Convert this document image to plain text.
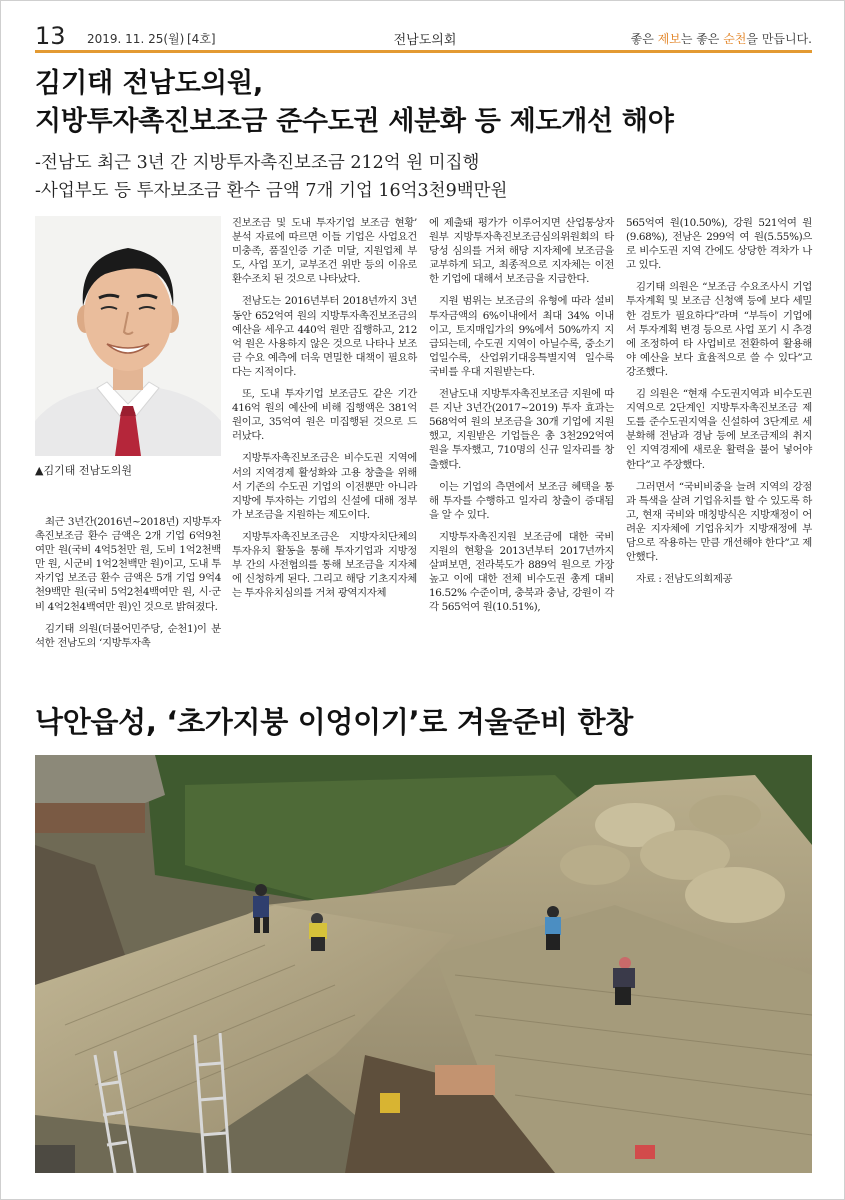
13 2019. 11. 25(월) [4호]	전남도의회	좋은 제보는 좋은 순천을 만듭니다.
김기태 전남도의원,
지방투자촉진보조금 준수도권 세분화 등 제도개선 해야
-전남도 최근 3년 간 지방투자촉진보조금 212억 원 미집행
-사업부도 등 투자보조금 환수 금액 7개 기업 16억3천9백만원
▲김기태 전남도의원

최근 3년간(2016년~2018년) 지방투자촉진보조금 환수 금액은 2개 기업 6억9천여만 원(국비 4억5천만 원, 도비 1억2천백만 원, 시군비 1억2천백만 원)이고, 도내 투자기업 보조금 환수 금액은 5개 기업 9억4천9백만 원(국비 5억2천4백여만 원, 시·군비 4억2천4백여만 원)인 것으로 밝혀졌다.

김기태 의원(더불어민주당, 순천1)이 분석한 전남도의 ‘지방투자촉

진보조금 및 도내 투자기업 보조금 현황’ 분석 자료에 따르면 이들 기업은 사업요건 미충족, 품질인증 기준 미달, 지원업체 부도, 사업 포기, 교부조건 위반 등의 이유로 환수조치 된 것으로 나타났다.

전남도는 2016년부터 2018년까지 3년 동안 652억여 원의 지방투자촉진보조금의 예산을 세우고 440억 원만 집행하고, 212억 원은 사용하지 않은 것으로 나타나 보조금 수요 예측에 더욱 면밀한 대책이 필요하다는 지적이다.

또, 도내 투자기업 보조금도 같은 기간 416억 원의 예산에 비해 집행액은 381억 원이고, 35억여 원은 미집행된 것으로 드러났다.

지방투자촉진보조금은 비수도권 지역에서의 지역경제 활성화와 고용 창출을 위해서 기존의 수도권 기업의 이전뿐만 아니라 지방에 투자하는 기업의 신설에 대해 정부가 보조금을 지원하는 제도이다.

지방투자촉진보조금은 지방자치단체의 투자유치 활동을 통해 투자기업과 지방정부 간의 사전협의를 통해 보조금을 지자체에 신청하게 된다. 그리고 해당 기초지자체는 투자유치심의를 거쳐 광역지자체

에 제출돼 평가가 이루어지면 산업통상자원부 지방투자촉진보조금심의위원회의 타당성 심의를 거쳐 해당 지자체에 보조금을 교부하게 되고, 최종적으로 지자체는 이전한 기업에 대해서 보조금을 지급한다.

지원 범위는 보조금의 유형에 따라 설비투자금액의 6%이내에서 최대 34% 이내이고, 토지매입가의 9%에서 50%까지 지급되는데, 수도권 지역이 아닐수록, 중소기업일수록, 산업위기대응특별지역 일수록 국비를 우대 지원받는다.

전남도내 지방투자촉진보조금 지원에 따른 지난 3년간(2017~2019) 투자 효과는 568억여 원의 보조금을 30개 기업에 지원했고, 지원받은 기업들은 총 3천292억여 원을 투자했고, 710명의 신규 일자리를 창출했다.

이는 기업의 측면에서 보조금 혜택을 통해 투자를 수행하고 일자리 창출이 증대됨을 알 수 있다.

지방투자촉진지원 보조금에 대한 국비 지원의 현황을 2013년부터 2017년까지 살펴보면, 전라북도가 889억 원으로 가장 높고 이에 대한 전체 비수도권 총계 대비 16.52% 수준이며, 충북과 충남, 강원이 각각 565억여 원(10.51%),

565억여 원(10.50%), 강원 521억여 원(9.68%), 전남은 299억 여 원(5.55%)으로 비수도권 지역 간에도 상당한 격차가 나고 있다.

김기태 의원은 “보조금 수요조사시 기업 투자계획 및 보조금 신청액 등에 보다 세밀한 검토가 필요하다”라며 “부득이 기업에서 투자계획 변경 등으로 사업 포기 시 추경에 조정하여 타 사업비로 전환하여 활용해야 예산을 보다 효율적으로 쓸 수 있다”고 강조했다.

김 의원은 “현재 수도권지역과 비수도권지역으로 2단계인 지방투자촉진보조금 제도를 준수도권지역을 신설하여 3단계로 세분화해 전남과 경남 등에 보조금제의 취지인 지역경제에 새로운 활력을 불어 넣어야 한다”고 주장했다.

그러면서 “국비비중을 늘려 지역의 강점과 특색을 살려 기업유치를 할 수 있도록 하고, 현재 국비와 매칭방식은 지방재정이 어려운 지자체에 기업유치가 지방재정에 부담으로 작용하는 만큼 개선해야 한다”고 제안했다.

자료 : 전남도의회제공

낙안읍성, ‘초가지붕 이엉이기’로 겨울준비 한창
